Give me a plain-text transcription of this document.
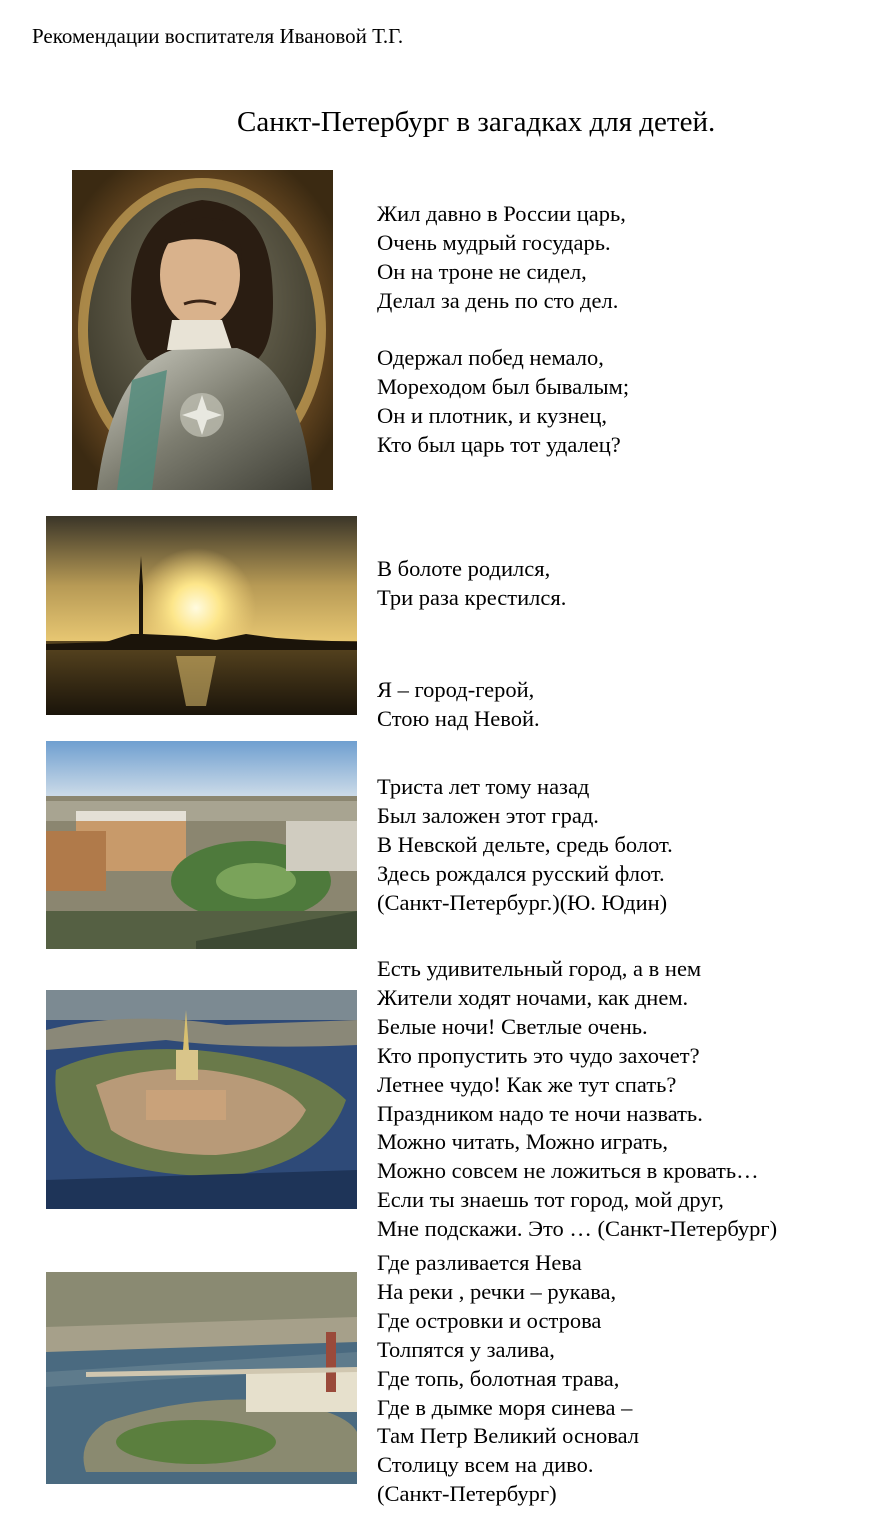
Рекомендации воспитателя Ивановой Т.Г.
Санкт-Петербург в загадках для детей.
Жил давно в России царь,
Очень мудрый государь.
Он на троне не сидел,
Делал за день по сто дел.
Одержал побед немало,
Мореходом был бывалым;
Он и плотник, и кузнец,
Кто был царь тот удалец?
В болоте родился,
Три раза крестился.
Я – город-герой,
Стою над Невой.
Триста лет тому назад
Был заложен этот град.
В Невской дельте, средь болот.
Здесь рождался русский флот.
(Санкт-Петербург.)(Ю. Юдин)
Есть удивительный город, а в нем
Жители ходят ночами, как днем.
Белые ночи! Светлые очень.
Кто пропустить это чудо захочет?
Летнее чудо! Как же тут спать?
Праздником надо те ночи назвать.
Можно читать, Можно играть,
Можно совсем не ложиться в кровать…
Если ты знаешь тот город, мой друг,
Мне подскажи. Это … (Санкт-Петербург)
Где разливается Нева
На реки , речки – рукава,
Где островки и острова
Толпятся у залива,
Где топь, болотная трава,
Где в дымке моря синева –
Там Петр Великий основал
Столицу всем на диво.
(Санкт-Петербург)
